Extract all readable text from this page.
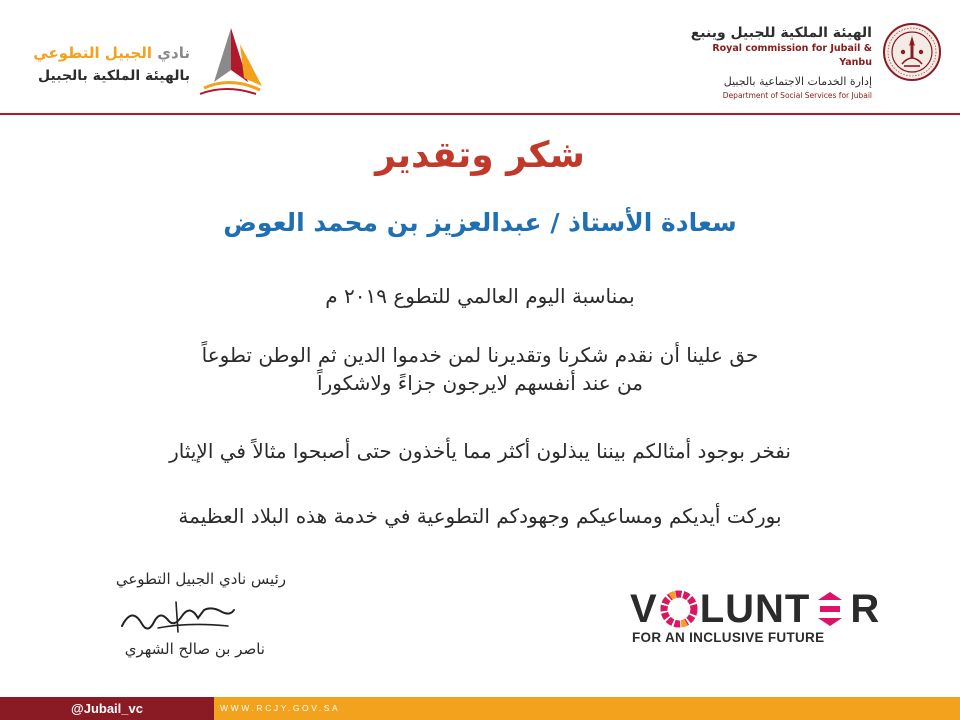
الهيئة الملكية للجبيل وينبع
Royal commission for Jubail & Yanbu
إدارة الخدمات الاجتماعية بالجبيل
Department of Social Services for Jubail
نادي الجبيل التطوعي
بالهيئة الملكية بالجبيل
شكر وتقدير
سعادة الأستاذ / عبدالعزيز بن محمد العوض
بمناسبة اليوم العالمي للتطوع ٢٠١٩ م
حق علينا أن نقدم شكرنا وتقديرنا لمن خدموا الدين ثم الوطن تطوعاً
من عند أنفسهم لايرجون جزاءً ولاشكوراً
نفخر بوجود أمثالكم بيننا يبذلون أكثر مما يأخذون حتى أصبحوا مثالاً في الإيثار
بوركت أيديكم ومساعيكم وجهودكم التطوعية في خدمة هذه البلاد العظيمة
رئيس نادي الجبيل التطوعي
ناصر بن صالح الشهري
V LUNT R
FOR AN INCLUSIVE FUTURE
@Jubail_vc	WWW.RCJY.GOV.SA
